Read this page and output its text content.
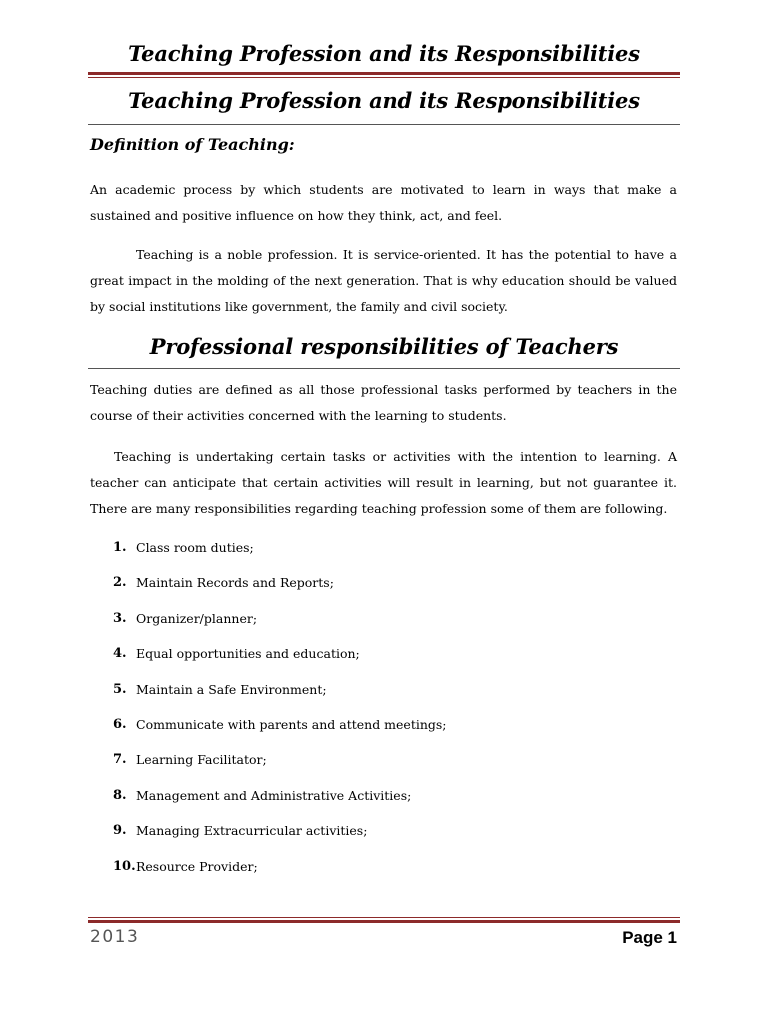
Teaching Profession and its Responsibilities
Teaching Profession and its Responsibilities
Definition of Teaching:
An academic process by which students are motivated to learn in ways that make a sustained and positive influence on how they think, act, and feel.
Teaching is a noble profession. It is service-oriented. It has the potential to have a great impact in the molding of the next generation. That is why education should be valued by social institutions like government, the family and civil society.
Professional responsibilities of Teachers
Teaching duties are defined as all those professional tasks performed by teachers in the course of their activities concerned with the learning to students.
Teaching is undertaking certain tasks or activities with the intention to learning. A teacher can anticipate that certain activities will result in learning, but not guarantee it. There are many responsibilities regarding teaching profession some of them are following.
1. Class room duties;
2. Maintain Records and Reports;
3. Organizer/planner;
4. Equal opportunities and education;
5. Maintain a Safe Environment;
6. Communicate with parents and attend meetings;
7. Learning Facilitator;
8. Management and Administrative Activities;
9. Managing Extracurricular activities;
10. Resource Provider;
2013	Page 1
